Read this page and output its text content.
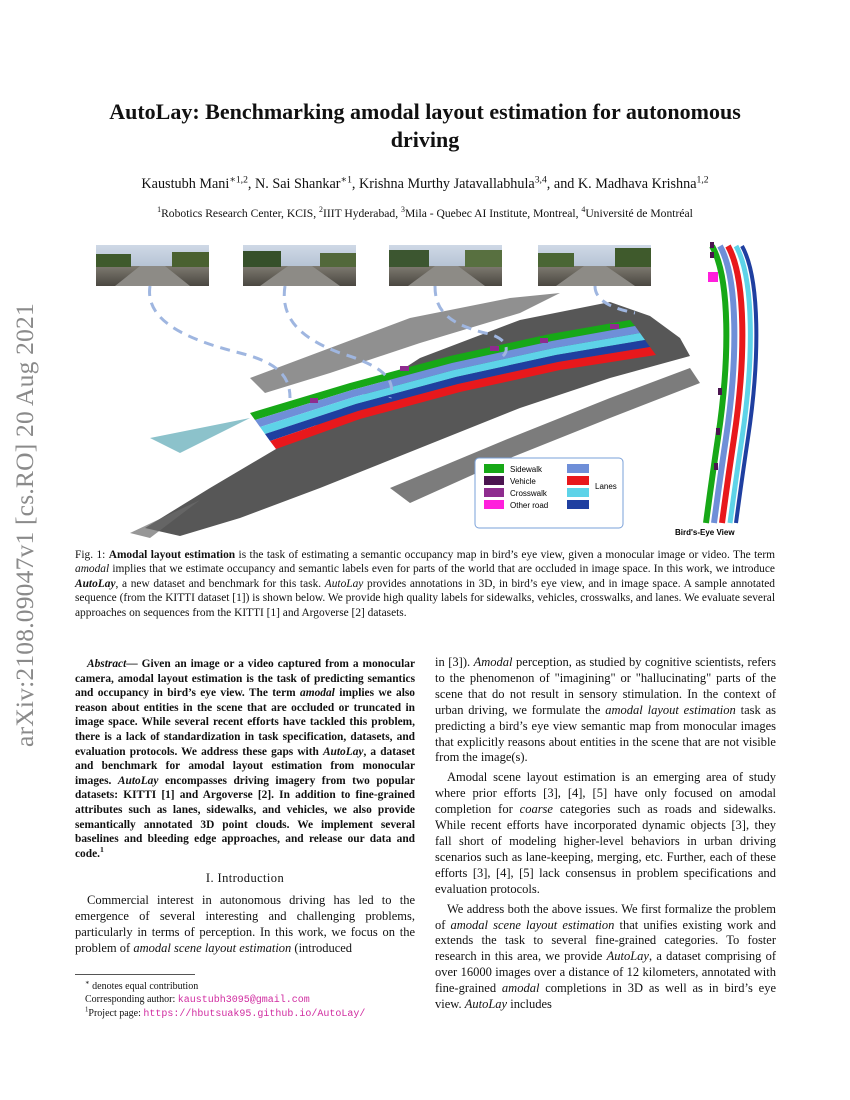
arXiv:2108.09047v1 [cs.RO] 20 Aug 2021
AutoLay: Benchmarking amodal layout estimation for autonomous driving
Kaustubh Mani$^{∗1,2}$, N. Sai Shankar$^{∗1}$, Krishna Murthy Jatavallabhula$^{3,4}$, and K. Madhava Krishna$^{1,2}$
$^1$Robotics Research Center, KCIS, $^2$IIIT Hyderabad, $^3$Mila - Quebec AI Institute, Montreal, $^4$Université de Montréal
Sidewalk
Vehicle
Crosswalk
Other road
Lanes
Bird's-Eye View
Fig. 1: Amodal layout estimation is the task of estimating a semantic occupancy map in bird’s eye view, given a monocular image or video. The term amodal implies that we estimate occupancy and semantic labels even for parts of the world that are occluded in image space. In this work, we introduce AutoLay, a new dataset and benchmark for this task. AutoLay provides annotations in 3D, in bird’s eye view, and in image space. A sample annotated sequence (from the KITTI dataset [1]) is shown below. We provide high quality labels for sidewalks, vehicles, crosswalks, and lanes. We evaluate several approaches on sequences from the KITTI [1] and Argoverse [2] datasets.

Abstract— Given an image or a video captured from a monocular camera, amodal layout estimation is the task of predicting semantics and occupancy in bird’s eye view. The term amodal implies we also reason about entities in the scene that are occluded or truncated in image space. While several recent efforts have tackled this problem, there is a lack of standardization in task specification, datasets, and evaluation protocols. We address these gaps with AutoLay, a dataset and benchmark for amodal layout estimation from monocular images. AutoLay encompasses driving imagery from two popular datasets: KITTI [1] and Argoverse [2]. In addition to fine-grained attributes such as lanes, sidewalks, and vehicles, we also provide semantically annotated 3D point clouds. We implement several baselines and bleeding edge approaches, and release our data and code.$^1$

I. Introduction

Commercial interest in autonomous driving has led to the emergence of several interesting and challenging problems, particularly in terms of perception. In this work, we focus on the problem of amodal scene layout estimation (introduced

∗ denotes equal contribution
Corresponding author: kaustubh3095@gmail.com
$^1$Project page: https://hbutsuak95.github.io/AutoLay/

in [3]). Amodal perception, as studied by cognitive scientists, refers to the phenomenon of "imagining" or "hallucinating" parts of the scene that do not result in sensory stimulation. In the context of urban driving, we formulate the amodal layout estimation task as predicting a bird’s eye view semantic map from monocular images that explicitly reasons about entities in the scene that are not visible from the image(s).

Amodal scene layout estimation is an emerging area of study where prior efforts [3], [4], [5] have only focused on amodal completion for coarse categories such as roads and sidewalks. While recent efforts have incorporated dynamic objects [3], they fall short of modeling higher-level behaviors in urban driving scenarios such as lane-keeping, merging, etc. Further, each of these efforts [3], [4], [5] lack consensus in problem specifications and evaluation protocols.

We address both the above issues. We first formalize the problem of amodal scene layout estimation that unifies existing work and extends the task to several fine-grained categories. To foster research in this area, we provide AutoLay, a dataset comprising of over 16000 images over a distance of 12 kilometers, annotated with fine-grained amodal completions in 3D as well as in bird’s eye view. AutoLay includes
